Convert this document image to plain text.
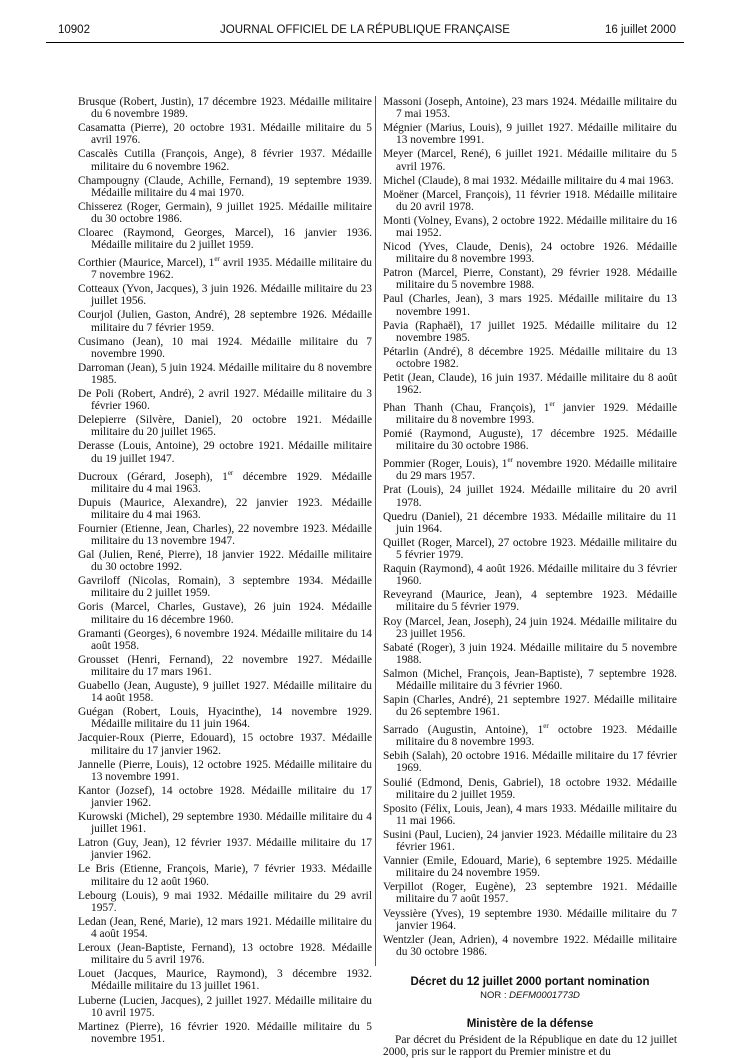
10902	JOURNAL OFFICIEL DE LA RÉPUBLIQUE FRANÇAISE	16 juillet 2000
Brusque (Robert, Justin), 17 décembre 1923. Médaille militaire du 6 novembre 1989.
Casamatta (Pierre), 20 octobre 1931. Médaille militaire du 5 avril 1976.
Cascalès Cutilla (François, Ange), 8 février 1937. Médaille militaire du 6 novembre 1962.
Champougny (Claude, Achille, Fernand), 19 septembre 1939. Médaille militaire du 4 mai 1970.
Chisserez (Roger, Germain), 9 juillet 1925. Médaille militaire du 30 octobre 1986.
Cloarec (Raymond, Georges, Marcel), 16 janvier 1936. Médaille militaire du 2 juillet 1959.
Corthier (Maurice, Marcel), 1er avril 1935. Médaille militaire du 7 novembre 1962.
Cotteaux (Yvon, Jacques), 3 juin 1926. Médaille militaire du 23 juillet 1956.
Courjol (Julien, Gaston, André), 28 septembre 1926. Médaille militaire du 7 février 1959.
Cusimano (Jean), 10 mai 1924. Médaille militaire du 7 novembre 1990.
Darroman (Jean), 5 juin 1924. Médaille militaire du 8 novembre 1985.
De Poli (Robert, André), 2 avril 1927. Médaille militaire du 3 février 1960.
Delepierre (Silvère, Daniel), 20 octobre 1921. Médaille militaire du 20 juillet 1965.
Derasse (Louis, Antoine), 29 octobre 1921. Médaille militaire du 19 juillet 1947.
Ducroux (Gérard, Joseph), 1er décembre 1929. Médaille militaire du 4 mai 1963.
Dupuis (Maurice, Alexandre), 22 janvier 1923. Médaille militaire du 4 mai 1963.
Fournier (Etienne, Jean, Charles), 22 novembre 1923. Médaille militaire du 13 novembre 1947.
Gal (Julien, René, Pierre), 18 janvier 1922. Médaille militaire du 30 octobre 1992.
Gavriloff (Nicolas, Romain), 3 septembre 1934. Médaille militaire du 2 juillet 1959.
Goris (Marcel, Charles, Gustave), 26 juin 1924. Médaille militaire du 16 décembre 1960.
Gramanti (Georges), 6 novembre 1924. Médaille militaire du 14 août 1958.
Grousset (Henri, Fernand), 22 novembre 1927. Médaille militaire du 17 mars 1961.
Guabello (Jean, Auguste), 9 juillet 1927. Médaille militaire du 14 août 1958.
Guégan (Robert, Louis, Hyacinthe), 14 novembre 1929. Médaille militaire du 11 juin 1964.
Jacquier-Roux (Pierre, Edouard), 15 octobre 1937. Médaille militaire du 17 janvier 1962.
Jannelle (Pierre, Louis), 12 octobre 1925. Médaille militaire du 13 novembre 1991.
Kantor (Jozsef), 14 octobre 1928. Médaille militaire du 17 janvier 1962.
Kurowski (Michel), 29 septembre 1930. Médaille militaire du 4 juillet 1961.
Latron (Guy, Jean), 12 février 1937. Médaille militaire du 17 janvier 1962.
Le Bris (Etienne, François, Marie), 7 février 1933. Médaille militaire du 12 août 1960.
Lebourg (Louis), 9 mai 1932. Médaille militaire du 29 avril 1957.
Ledan (Jean, René, Marie), 12 mars 1921. Médaille militaire du 4 août 1954.
Leroux (Jean-Baptiste, Fernand), 13 octobre 1928. Médaille militaire du 5 avril 1976.
Louet (Jacques, Maurice, Raymond), 3 décembre 1932. Médaille militaire du 13 juillet 1961.
Luberne (Lucien, Jacques), 2 juillet 1927. Médaille militaire du 10 avril 1975.
Martinez (Pierre), 16 février 1920. Médaille militaire du 5 novembre 1951.
Massoni (Joseph, Antoine), 23 mars 1924. Médaille militaire du 7 mai 1953.
Mégnier (Marius, Louis), 9 juillet 1927. Médaille militaire du 13 novembre 1991.
Meyer (Marcel, René), 6 juillet 1921. Médaille militaire du 5 avril 1976.
Michel (Claude), 8 mai 1932. Médaille militaire du 4 mai 1963.
Moëner (Marcel, François), 11 février 1918. Médaille militaire du 20 avril 1978.
Monti (Volney, Evans), 2 octobre 1922. Médaille militaire du 16 mai 1952.
Nicod (Yves, Claude, Denis), 24 octobre 1926. Médaille militaire du 8 novembre 1993.
Patron (Marcel, Pierre, Constant), 29 février 1928. Médaille militaire du 5 novembre 1988.
Paul (Charles, Jean), 3 mars 1925. Médaille militaire du 13 novembre 1991.
Pavia (Raphaël), 17 juillet 1925. Médaille militaire du 12 novembre 1985.
Pétarlin (André), 8 décembre 1925. Médaille militaire du 13 octobre 1982.
Petit (Jean, Claude), 16 juin 1937. Médaille militaire du 8 août 1962.
Phan Thanh (Chau, François), 1er janvier 1929. Médaille militaire du 8 novembre 1993.
Pomié (Raymond, Auguste), 17 décembre 1925. Médaille militaire du 30 octobre 1986.
Pommier (Roger, Louis), 1er novembre 1920. Médaille militaire du 29 mars 1957.
Prat (Louis), 24 juillet 1924. Médaille militaire du 20 avril 1978.
Quedru (Daniel), 21 décembre 1933. Médaille militaire du 11 juin 1964.
Quillet (Roger, Marcel), 27 octobre 1923. Médaille militaire du 5 février 1979.
Raquin (Raymond), 4 août 1926. Médaille militaire du 3 février 1960.
Reveyrand (Maurice, Jean), 4 septembre 1923. Médaille militaire du 5 février 1979.
Roy (Marcel, Jean, Joseph), 24 juin 1924. Médaille militaire du 23 juillet 1956.
Sabaté (Roger), 3 juin 1924. Médaille militaire du 5 novembre 1988.
Salmon (Michel, François, Jean-Baptiste), 7 septembre 1928. Médaille militaire du 3 février 1960.
Sapin (Charles, André), 21 septembre 1927. Médaille militaire du 26 septembre 1961.
Sarrado (Augustin, Antoine), 1er octobre 1923. Médaille militaire du 8 novembre 1993.
Sebih (Salah), 20 octobre 1916. Médaille militaire du 17 février 1969.
Soulié (Edmond, Denis, Gabriel), 18 octobre 1932. Médaille militaire du 2 juillet 1959.
Sposito (Félix, Louis, Jean), 4 mars 1933. Médaille militaire du 11 mai 1966.
Susini (Paul, Lucien), 24 janvier 1923. Médaille militaire du 23 février 1961.
Vannier (Emile, Edouard, Marie), 6 septembre 1925. Médaille militaire du 24 novembre 1959.
Verpillot (Roger, Eugène), 23 septembre 1921. Médaille militaire du 7 août 1957.
Veyssière (Yves), 19 septembre 1930. Médaille militaire du 7 janvier 1964.
Wentzler (Jean, Adrien), 4 novembre 1922. Médaille militaire du 30 octobre 1986.
Décret du 12 juillet 2000 portant nomination
NOR : DEFM0001773D
Ministère de la défense
Par décret du Président de la République en date du 12 juillet 2000, pris sur le rapport du Premier ministre et du
